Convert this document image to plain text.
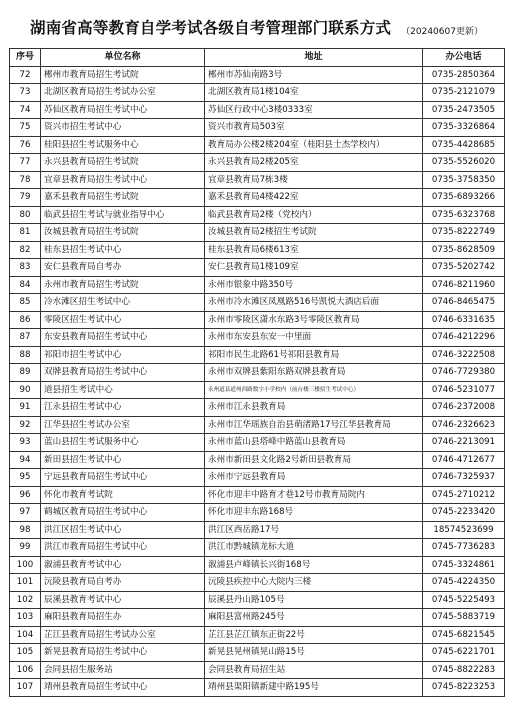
湖南省高等教育自学考试各级自考管理部门联系方式 （20240607更新）
序号	单位名称	地址	办公电话
72	郴州市教育局招生考试院	郴州市苏仙南路3号	0735-2850364
73	北湖区教育局招生考试办公室	北湖区教育局1楼104室	0735-2121079
74	苏仙区教育局招生考试中心	苏仙区行政中心3楼0333室	0735-2473505
75	资兴市招生考试中心	资兴市教育局503室	0735-3326864
76	桂阳县招生考试服务中心	教育局办公楼2楼204室（桂阳县士杰学校内）	0735-4428685
77	永兴县教育局招生考试院	永兴县教育局2楼205室	0735-5526020
78	宜章县教育局招生考试中心	宜章县教育局7栋3楼	0735-3758350
79	嘉禾县教育局招生考试院	嘉禾县教育局4楼422室	0735-6893266
80	临武县招生考试与就业指导中心	临武县教育局2楼（党校内）	0735-6323768
81	汝城县教育局招生考试院	汝城县教育局2楼招生考试院	0735-8222749
82	桂东县招生考试中心	桂东县教育局6楼613室	0735-8628509
83	安仁县教育局自考办	安仁县教育局1楼109室	0735-5202742
84	永州市教育局招生考试院	永州市银象中路350号	0746-8211960
85	冷水滩区招生考试中心	永州市冷水滩区凤凰路516号凯悦大酒店后面	0746-8465475
86	零陵区招生考试中心	永州市零陵区潇水东路3号零陵区教育局	0746-6331635
87	东安县教育局招生考试中心	永州市东安县东安一中里面	0746-4212296
88	祁阳市招生考试中心	祁阳市民生北路61号祁阳县教育局	0746-3222508
89	双牌县教育局招生考试中心	永州市双牌县紫阳东路双牌县教育局	0746-7729380
90	道县招生考试中心	永州道县道州西路数字小学校内（前台楼三楼招生考试中心）	0746-5231077
91	江永县招生考试中心	永州市江永县教育局	0746-2372008
92	江华县招生考试办公室	永州市江华瑶族自治县萌渚路17号江华县教育局	0746-2326623
93	蓝山县招生考试服务中心	永州市蓝山县塔峰中路蓝山县教育局	0746-2213091
94	新田县招生考试中心	永州市新田县文化路2号新田县教育局	0746-4712677
95	宁远县教育局招生考试中心	永州市宁远县教育局	0746-7325937
96	怀化市教育考试院	怀化市迎丰中路育才巷12号市教育局院内	0745-2710212
97	鹤城区教育局招生考试中心	怀化市迎丰东路168号	0745-2233420
98	洪江区招生考试中心	洪江区西岳路17号	18574523699
99	洪江市教育局招生考试中心	洪江市黔城镇龙标大道	0745-7736283
100	溆浦县教育考试中心	溆浦县卢峰镇长兴街168号	0745-3324861
101	沅陵县教育局自考办	沅陵县疾控中心大院内三楼	0745-4224350
102	辰溪县教育考试中心	辰溪县丹山路105号	0745-5225493
103	麻阳县教育局招生办	麻阳县富州路245号	0745-5883719
104	芷江县教育局招生考试办公室	芷江县芷江镇东正街22号	0745-6821545
105	新晃县教育局招生考试中心	新晃县晃州镇晃山路15号	0745-6221701
106	会同县招生服务站	会同县教育局招生站	0745-8822283
107	靖州县教育局招生考试中心	靖州县渠阳镇新建中路195号	0745-8223253
